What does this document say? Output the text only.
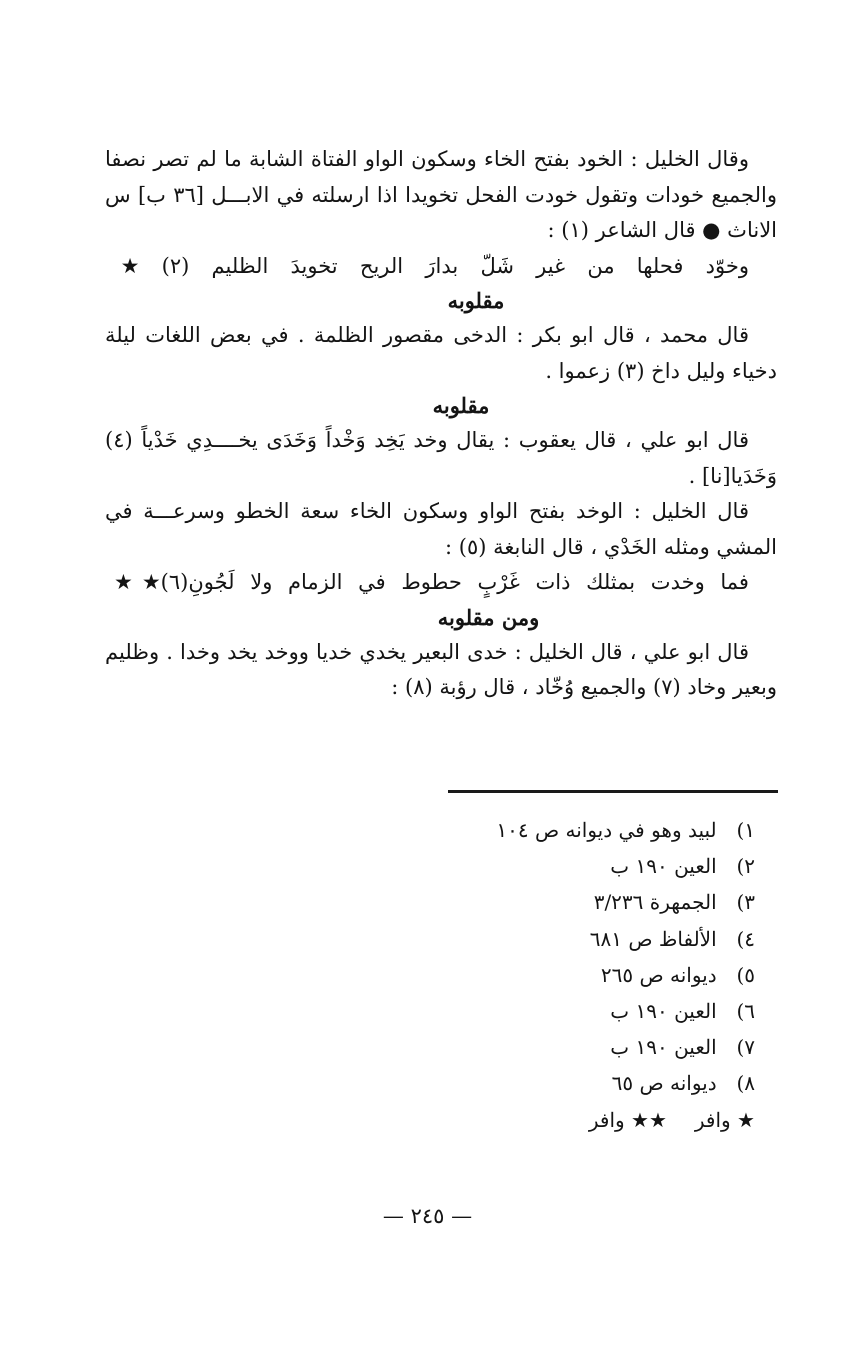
وقال الخليل : الخود بفتح الخاء وسكون الواو الفتاة الشابة ما لم تصر نصفا والجميع خودات وتقول خودت الفحل تخويدا اذا ارسلته في الابـــل [٣٦ ب] س الاناث ● قال الشاعر (١) :

وخوّد فحلها من غير شَلّ بدارَ الريح تخويدَ الظليم (٢) ★

مقلوبه

قال محمد ، قال ابو بكر : الدخى مقصور الظلمة . في بعض اللغات ليلة دخياء وليل داخ (٣) زعموا .

مقلوبه

قال ابو علي ، قال يعقوب : يقال وخد يَخِد وَخْداً وَخَدَى يخــــدِي خَدْياً (٤) وَخَدَيا[نا] .

قال الخليل : الوخد بفتح الواو وسكون الخاء سعة الخطو وسرعـــة في المشي ومثله الخَدْي ، قال النابغة (٥) :

فما وخدت بمثلك ذات غَرْبٍ حطوط في الزمام ولا لَجُونِ(٦)★★

ومن مقلوبه

قال ابو علي ، قال الخليل : خدى البعير يخدي خديا ووخد يخد وخدا . وظليم وبعير وخاد (٧) والجميع وُخّاد ، قال رؤبة (٨) :

١) لبيد وهو في ديوانه ص ١٠٤

٢) العين ١٩٠ ب

٣) الجمهرة ٣/٢٣٦

٤) الألفاظ ص ٦٨١

٥) ديوانه ص ٢٦٥

٦) العين ١٩٠ ب

٧) العين ١٩٠ ب

٨) ديوانه ص ٦٥

★ وافر★★ وافر

— ٢٤٥ —
